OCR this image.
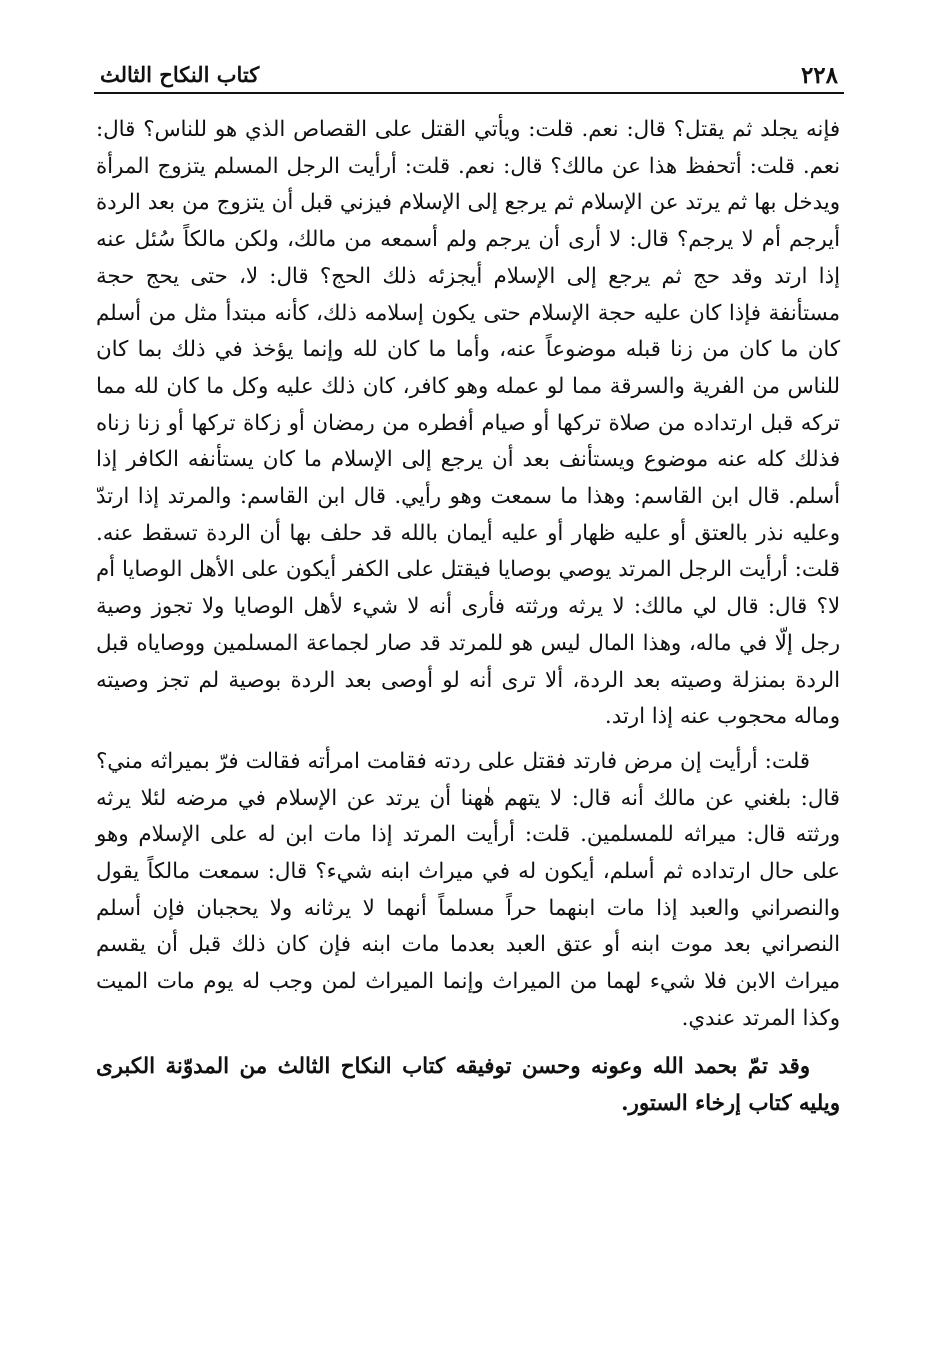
٢٢٨
كتاب النكاح الثالث

فإنه يجلد ثم يقتل؟ قال: نعم. قلت: ويأتي القتل على القصاص الذي هو للناس؟ قال: نعم. قلت: أتحفظ هذا عن مالك؟ قال: نعم. قلت: أرأيت الرجل المسلم يتزوج المرأة ويدخل بها ثم يرتد عن الإسلام ثم يرجع إلى الإسلام فيزني قبل أن يتزوج من بعد الردة أيرجم أم لا يرجم؟ قال: لا أرى أن يرجم ولم أسمعه من مالك، ولكن مالكاً سُئل عنه إذا ارتد وقد حج ثم يرجع إلى الإسلام أيجزئه ذلك الحج؟ قال: لا، حتى يحج حجة مستأنفة فإذا كان عليه حجة الإسلام حتى يكون إسلامه ذلك، كأنه مبتدأ مثل من أسلم كان ما كان من زنا قبله موضوعاً عنه، وأما ما كان لله وإنما يؤخذ في ذلك بما كان للناس من الفرية والسرقة مما لو عمله وهو كافر، كان ذلك عليه وكل ما كان لله مما تركه قبل ارتداده من صلاة تركها أو صيام أفطره من رمضان أو زكاة تركها أو زنا زناه فذلك كله عنه موضوع ويستأنف بعد أن يرجع إلى الإسلام ما كان يستأنفه الكافر إذا أسلم. قال ابن القاسم: وهذا ما سمعت وهو رأيي. قال ابن القاسم: والمرتد إذا ارتدّ وعليه نذر بالعتق أو عليه ظهار أو عليه أيمان بالله قد حلف بها أن الردة تسقط عنه. قلت: أرأيت الرجل المرتد يوصي بوصايا فيقتل على الكفر أيكون على الأهل الوصايا أم لا؟ قال: قال لي مالك: لا يرثه ورثته فأرى أنه لا شيء لأهل الوصايا ولا تجوز وصية رجل إلّا في ماله، وهذا المال ليس هو للمرتد قد صار لجماعة المسلمين ووصاياه قبل الردة بمنزلة وصيته بعد الردة، ألا ترى أنه لو أوصى بعد الردة بوصية لم تجز وصيته وماله محجوب عنه إذا ارتد.

قلت: أرأيت إن مرض فارتد فقتل على ردته فقامت امرأته فقالت فرّ بميراثه مني؟ قال: بلغني عن مالك أنه قال: لا يتهم هٰهنا أن يرتد عن الإسلام في مرضه لئلا يرثه ورثته قال: ميراثه للمسلمين. قلت: أرأيت المرتد إذا مات ابن له على الإسلام وهو على حال ارتداده ثم أسلم، أيكون له في ميراث ابنه شيء؟ قال: سمعت مالكاً يقول والنصراني والعبد إذا مات ابنهما حراً مسلماً أنهما لا يرثانه ولا يحجبان فإن أسلم النصراني بعد موت ابنه أو عتق العبد بعدما مات ابنه فإن كان ذلك قبل أن يقسم ميراث الابن فلا شيء لهما من الميراث وإنما الميراث لمن وجب له يوم مات الميت وكذا المرتد عندي.

وقد تمّ بحمد الله وعونه وحسن توفيقه كتاب النكاح الثالث من المدوّنة الكبرى ويليه كتاب إرخاء الستور.
